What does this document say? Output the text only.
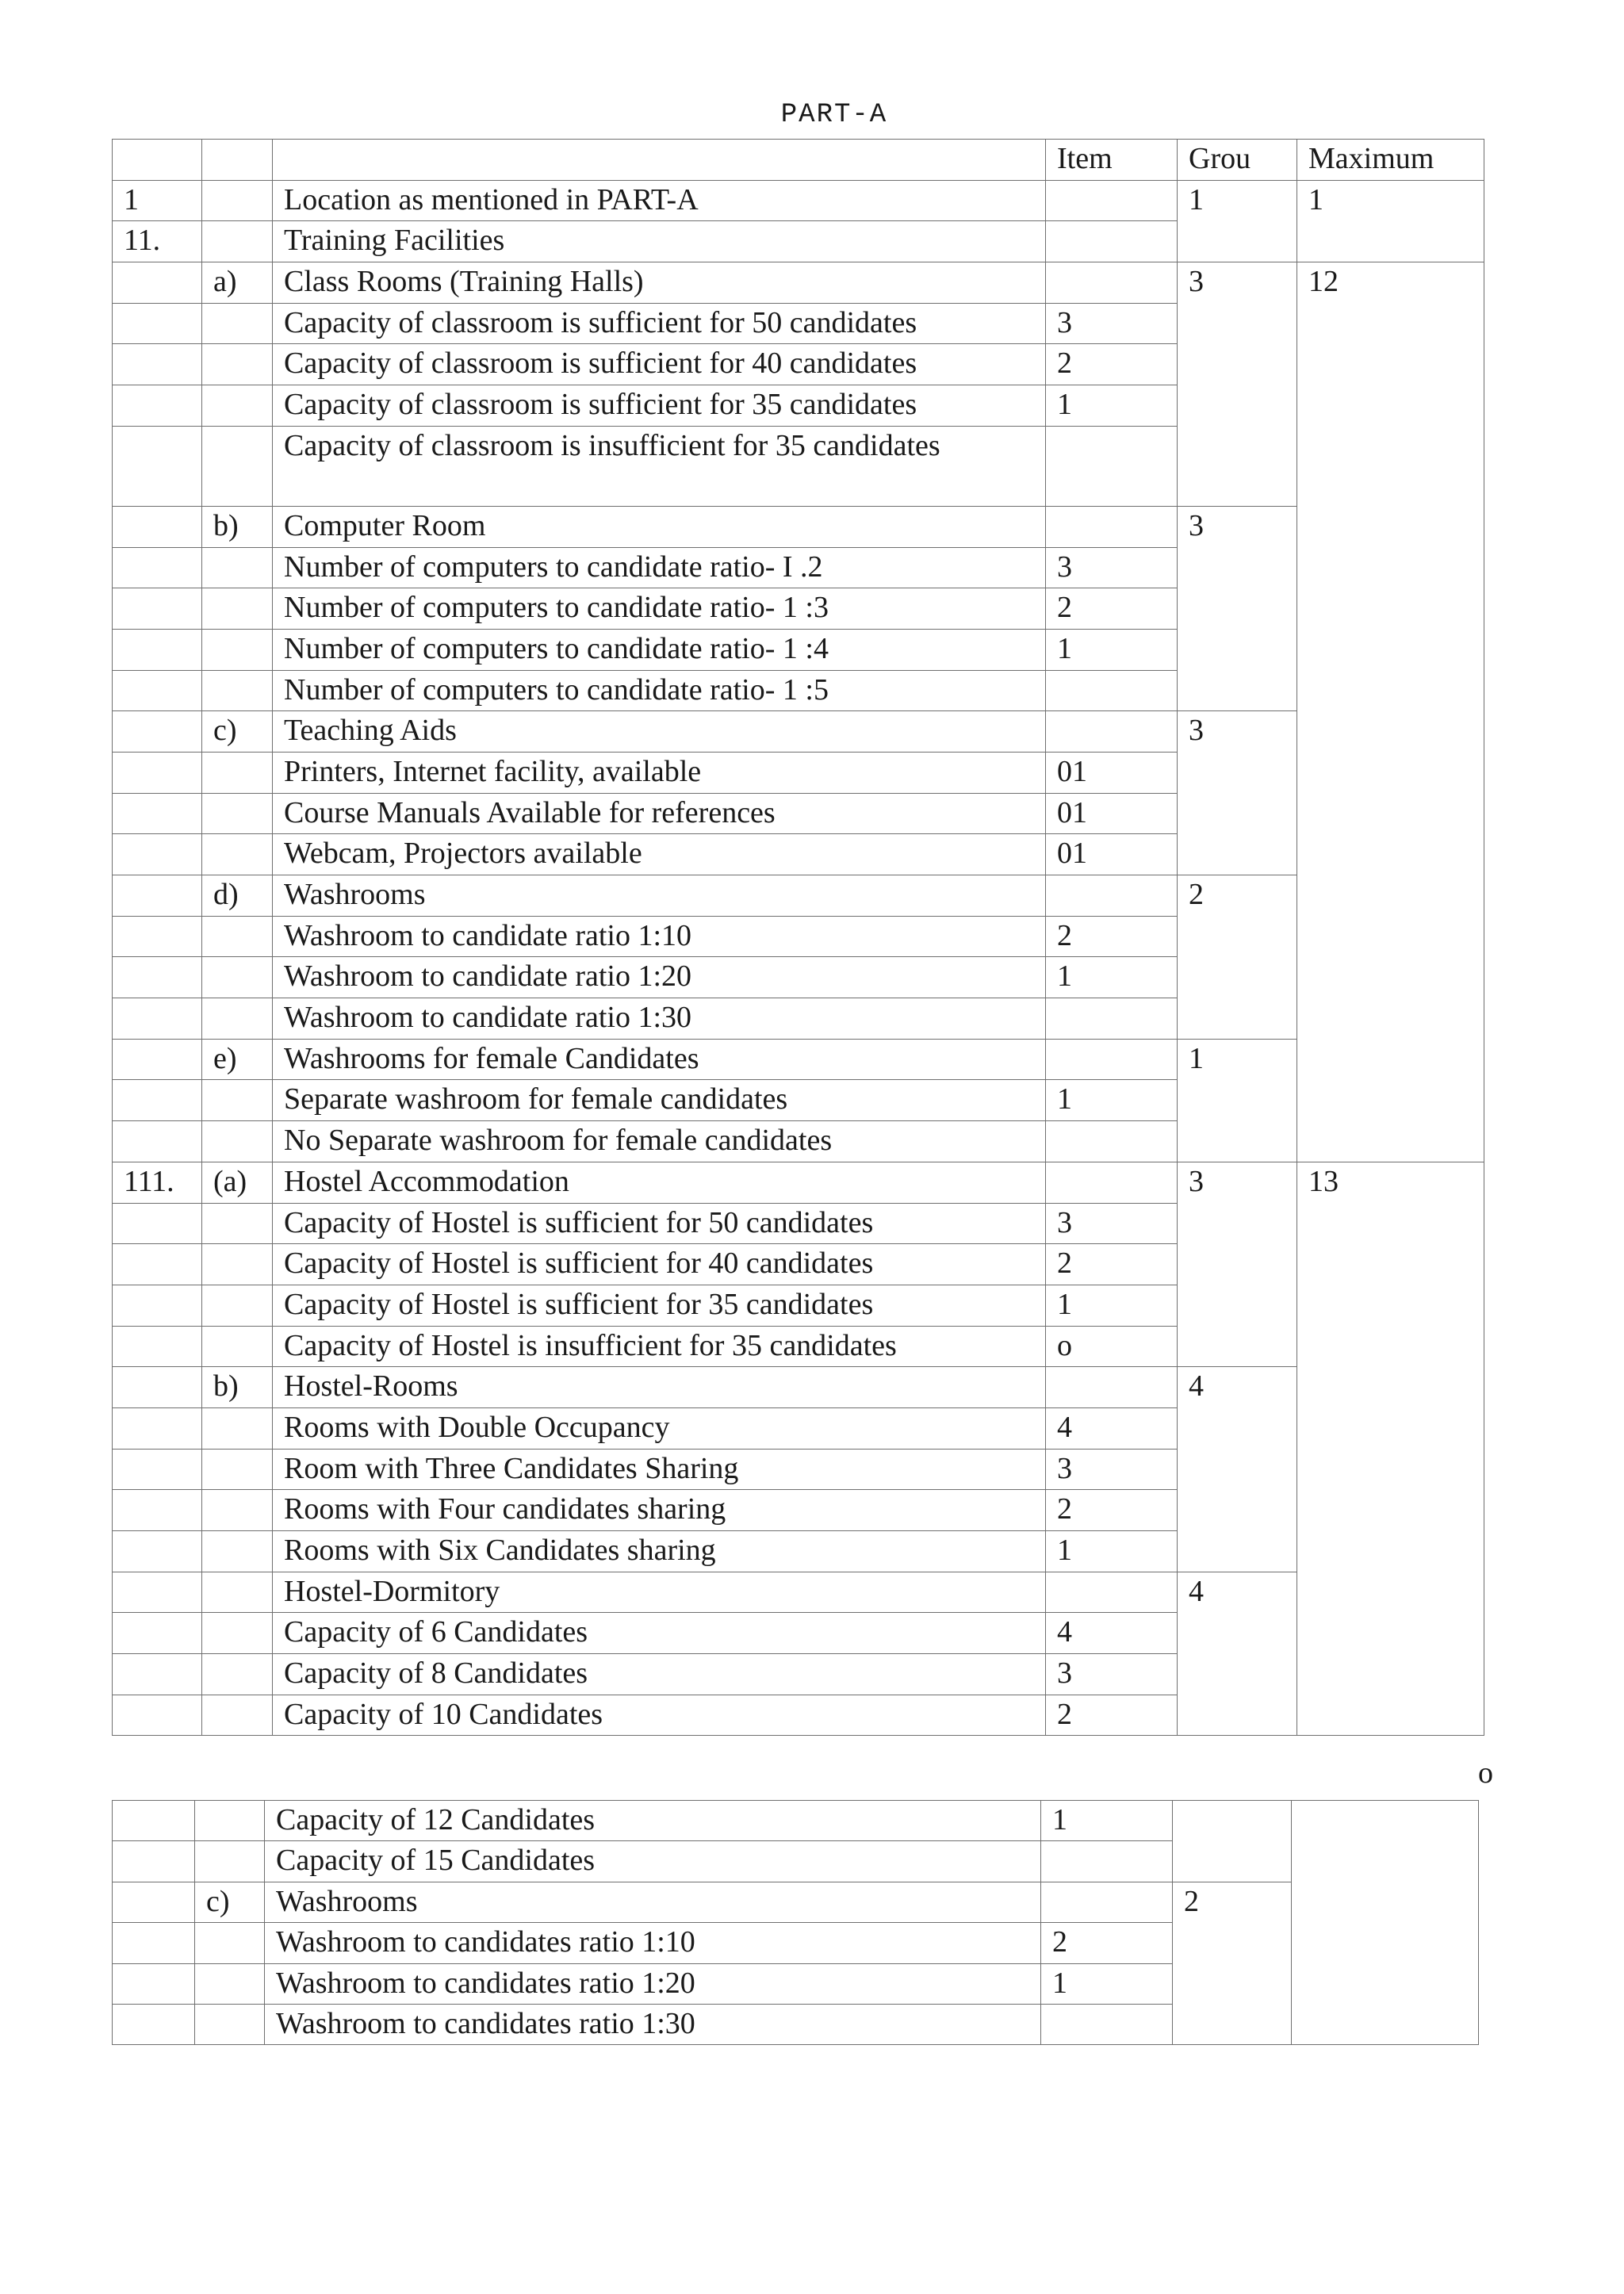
PART-A
			Item	Grou	Maximum
1		Location as mentioned in PART-A		1	1
11.		Training Facilities			
	a)	Class Rooms (Training Halls)		3	12
		Capacity of classroom is sufficient for 50 candidates	3		
		Capacity of classroom is sufficient for 40 candidates	2		
		Capacity of classroom is sufficient for 35 candidates	1		
		Capacity of classroom is insufficient for 35 candidates			
	b)	Computer Room		3	
		Number of computers to candidate ratio- I .2	3		
		Number of computers to candidate ratio- 1 :3	2		
		Number of computers to candidate ratio- 1 :4	1		
		Number of computers to candidate ratio- 1 :5			
	c)	Teaching Aids		3	
		Printers, Internet facility, available	01		
		Course Manuals Available for references	01		
		Webcam, Projectors available	01		
	d)	Washrooms		2	
		Washroom to candidate ratio 1:10	2		
		Washroom to candidate ratio 1:20	1		
		Washroom to candidate ratio 1:30			
	e)	Washrooms for female Candidates		1	
		Separate washroom for female candidates	1		
		No Separate washroom for female candidates			
111.	(a)	Hostel Accommodation		3	13
		Capacity of Hostel is sufficient for 50 candidates	3		
		Capacity of Hostel is sufficient for 40 candidates	2		
		Capacity of Hostel is sufficient for 35 candidates	1		
		Capacity of Hostel is insufficient for 35 candidates	o		
	b)	Hostel-Rooms		4	
		Rooms with Double Occupancy	4		
		Room with Three Candidates Sharing	3		
		Rooms with Four candidates sharing	2		
		Rooms with Six Candidates sharing	1		
		Hostel-Dormitory		4	
		Capacity of 6 Candidates	4		
		Capacity of 8 Candidates	3		
		Capacity of 10 Candidates	2		
o
		Capacity of 12 Candidates	1		
		Capacity of 15 Candidates			
	c)	Washrooms		2	
		Washroom to candidates ratio 1:10	2		
		Washroom to candidates ratio 1:20	1		
		Washroom to candidates ratio 1:30			
